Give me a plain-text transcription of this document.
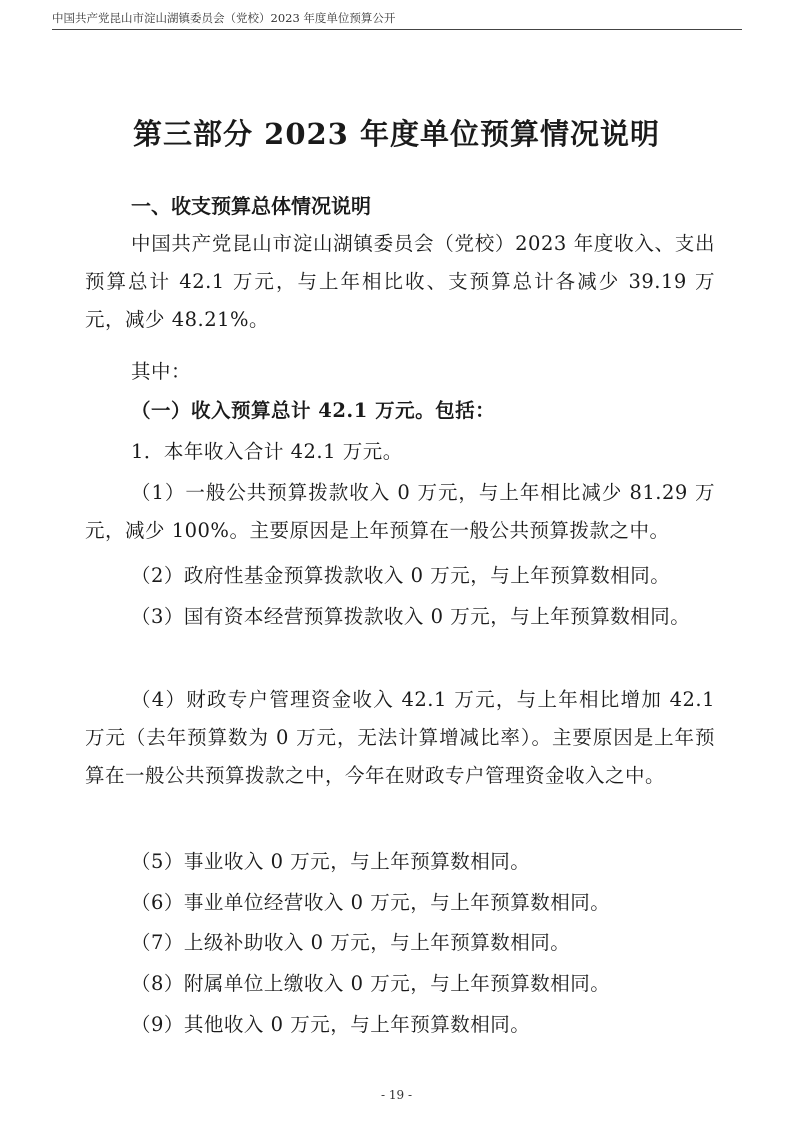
中国共产党昆山市淀山湖镇委员会（党校）2023 年度单位预算公开
第三部分 2023 年度单位预算情况说明
一、收支预算总体情况说明

中国共产党昆山市淀山湖镇委员会（党校）2023 年度收入、支出预算总计 42.1 万元，与上年相比收、支预算总计各减少 39.19 万元，减少 48.21%。

其中：

（一）收入预算总计 42.1 万元。包括：

1．本年收入合计 42.1 万元。

（1）一般公共预算拨款收入 0 万元，与上年相比减少 81.29 万元，减少 100%。主要原因是上年预算在一般公共预算拨款之中。

（2）政府性基金预算拨款收入 0 万元，与上年预算数相同。

（3）国有资本经营预算拨款收入 0 万元，与上年预算数相同。

（4）财政专户管理资金收入 42.1 万元，与上年相比增加 42.1 万元（去年预算数为 0 万元，无法计算增减比率）。主要原因是上年预算在一般公共预算拨款之中，今年在财政专户管理资金收入之中。

（5）事业收入 0 万元，与上年预算数相同。

（6）事业单位经营收入 0 万元，与上年预算数相同。

（7）上级补助收入 0 万元，与上年预算数相同。

（8）附属单位上缴收入 0 万元，与上年预算数相同。

（9）其他收入 0 万元，与上年预算数相同。

- 19 -
